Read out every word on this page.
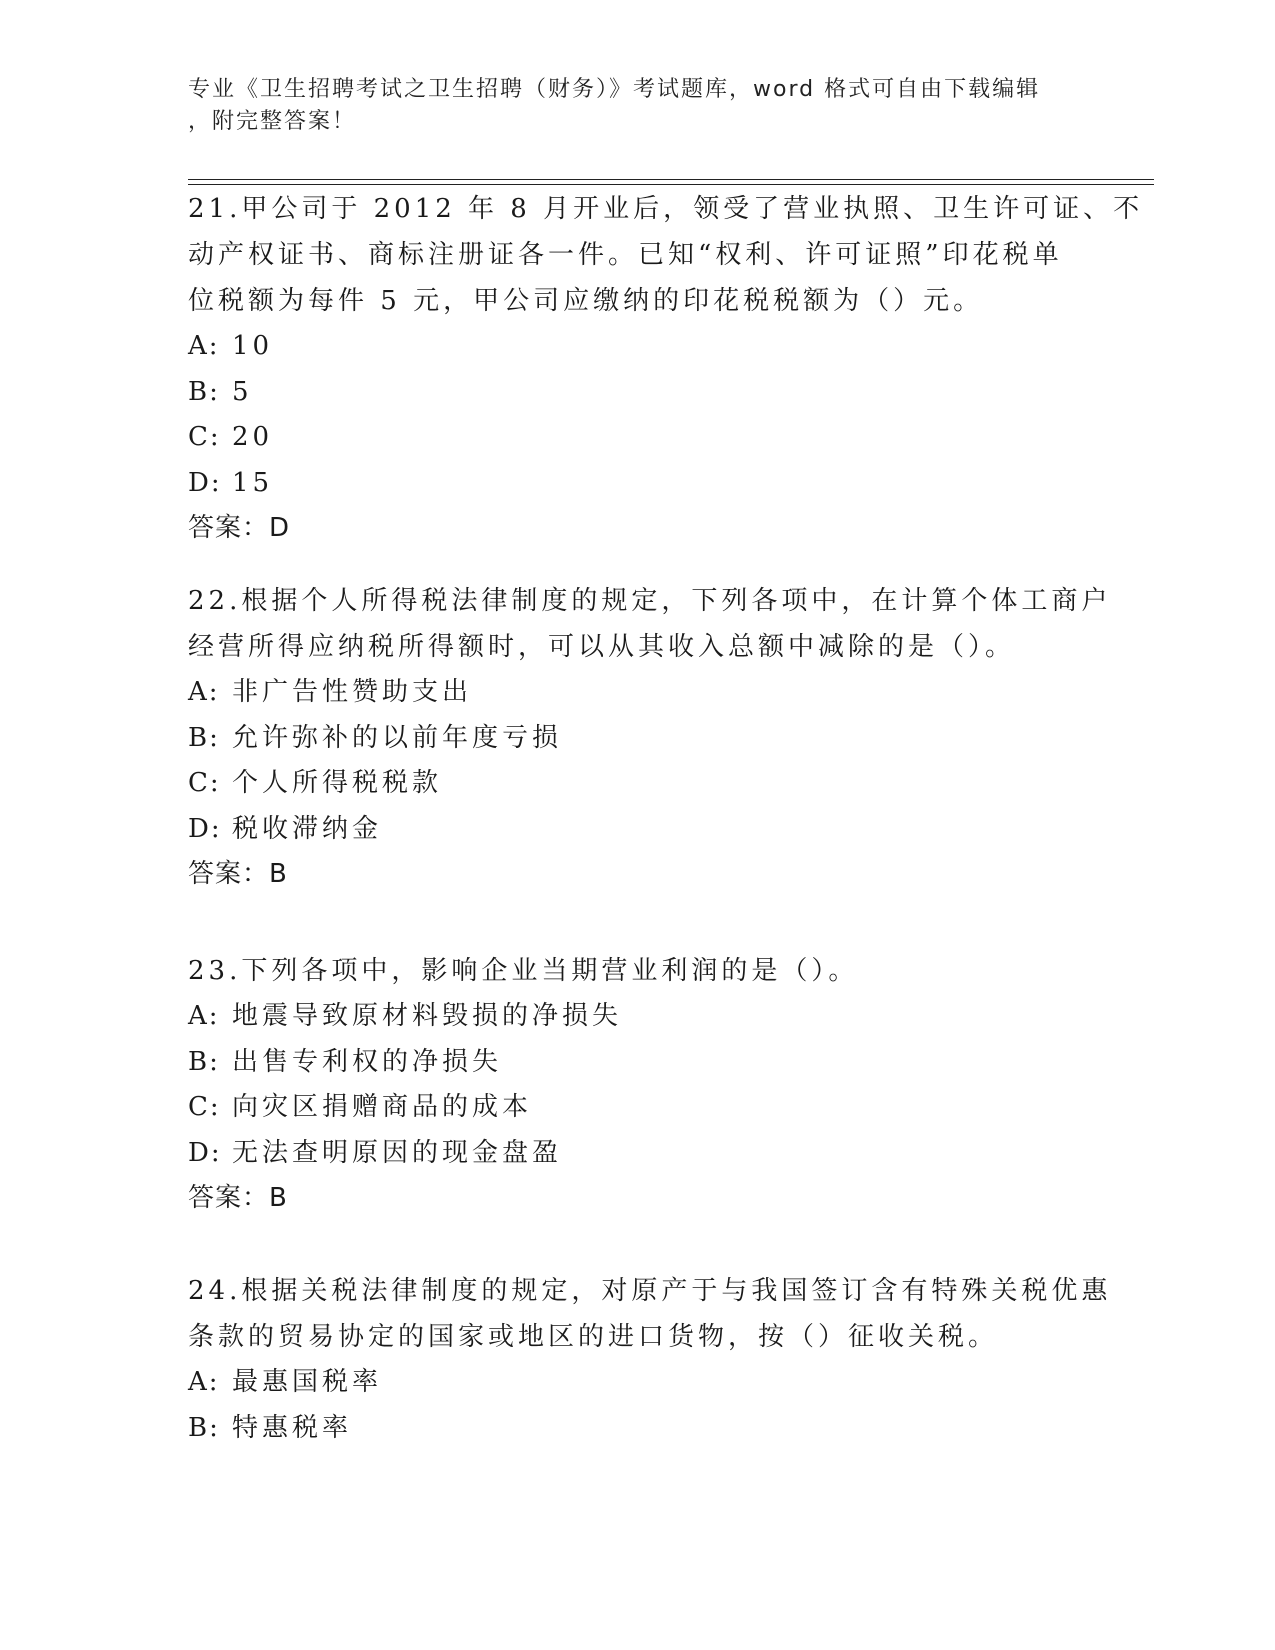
专业《卫生招聘考试之卫生招聘（财务）》考试题库，word 格式可自由下载编辑
，附完整答案！
21.甲公司于 2012 年 8 月开业后，领受了营业执照、卫生许可证、不
动产权证书、商标注册证各一件。已知“权利、许可证照”印花税单
位税额为每件 5 元，甲公司应缴纳的印花税税额为（）元。
A: 10
B: 5
C: 20
D: 15
答案：D
22.根据个人所得税法律制度的规定，下列各项中，在计算个体工商户
经营所得应纳税所得额时，可以从其收入总额中减除的是（）。
A: 非广告性赞助支出
B: 允许弥补的以前年度亏损
C: 个人所得税税款
D: 税收滞纳金
答案：B
23.下列各项中，影响企业当期营业利润的是（）。
A: 地震导致原材料毁损的净损失
B: 出售专利权的净损失
C: 向灾区捐赠商品的成本
D: 无法查明原因的现金盘盈
答案：B
24.根据关税法律制度的规定，对原产于与我国签订含有特殊关税优惠
条款的贸易协定的国家或地区的进口货物，按（）征收关税。
A: 最惠国税率
B: 特惠税率
